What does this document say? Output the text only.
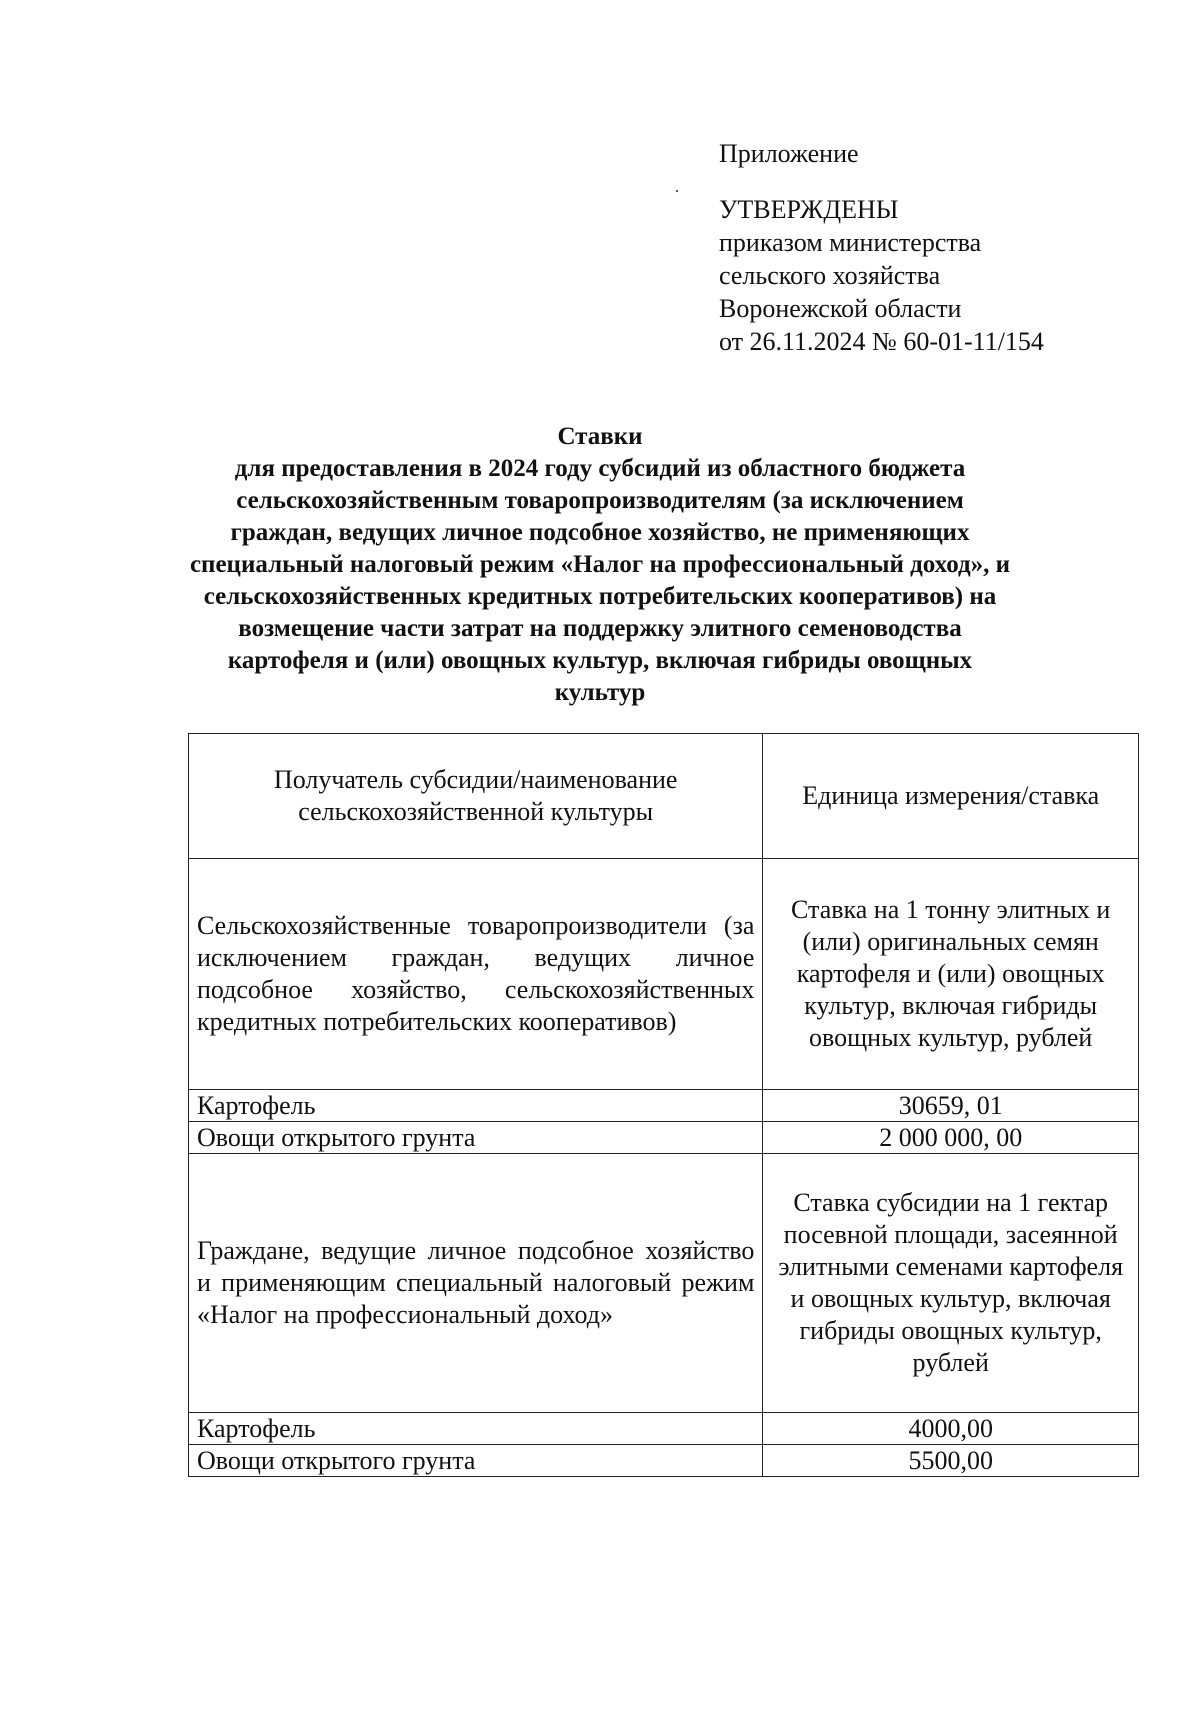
Приложение
УТВЕРЖДЕНЫ
приказом министерства
сельского хозяйства
Воронежской области
от 26.11.2024 № 60-01-11/154
Ставки
для предоставления в 2024 году субсидий из областного бюджета
сельскохозяйственным товаропроизводителям (за исключением
граждан, ведущих личное подсобное хозяйство, не применяющих
специальный налоговый режим «Налог на профессиональный доход», и
сельскохозяйственных кредитных потребительских кооперативов) на
возмещение части затрат на поддержку элитного семеноводства
картофеля и (или) овощных культур, включая гибриды овощных
культур
Получатель субсидии/наименование сельскохозяйственной культуры	Единица измерения/ставка
Сельскохозяйственные товаропроизводители (за исключением граждан, ведущих личное подсобное хозяйство, сельскохозяйственных кредитных потребительских кооперативов)	Ставка на 1 тонну элитных и (или) оригинальных семян картофеля и (или) овощных культур, включая гибриды овощных культур, рублей
Картофель	30659, 01
Овощи открытого грунта	2 000 000, 00
Граждане, ведущие личное подсобное хозяйство и применяющим специальный налоговый режим «Налог на профессиональный доход»	Ставка субсидии на 1 гектар посевной площади, засеянной элитными семенами картофеля и овощных культур, включая гибриды овощных культур, рублей
Картофель	4000,00
Овощи открытого грунта	5500,00
